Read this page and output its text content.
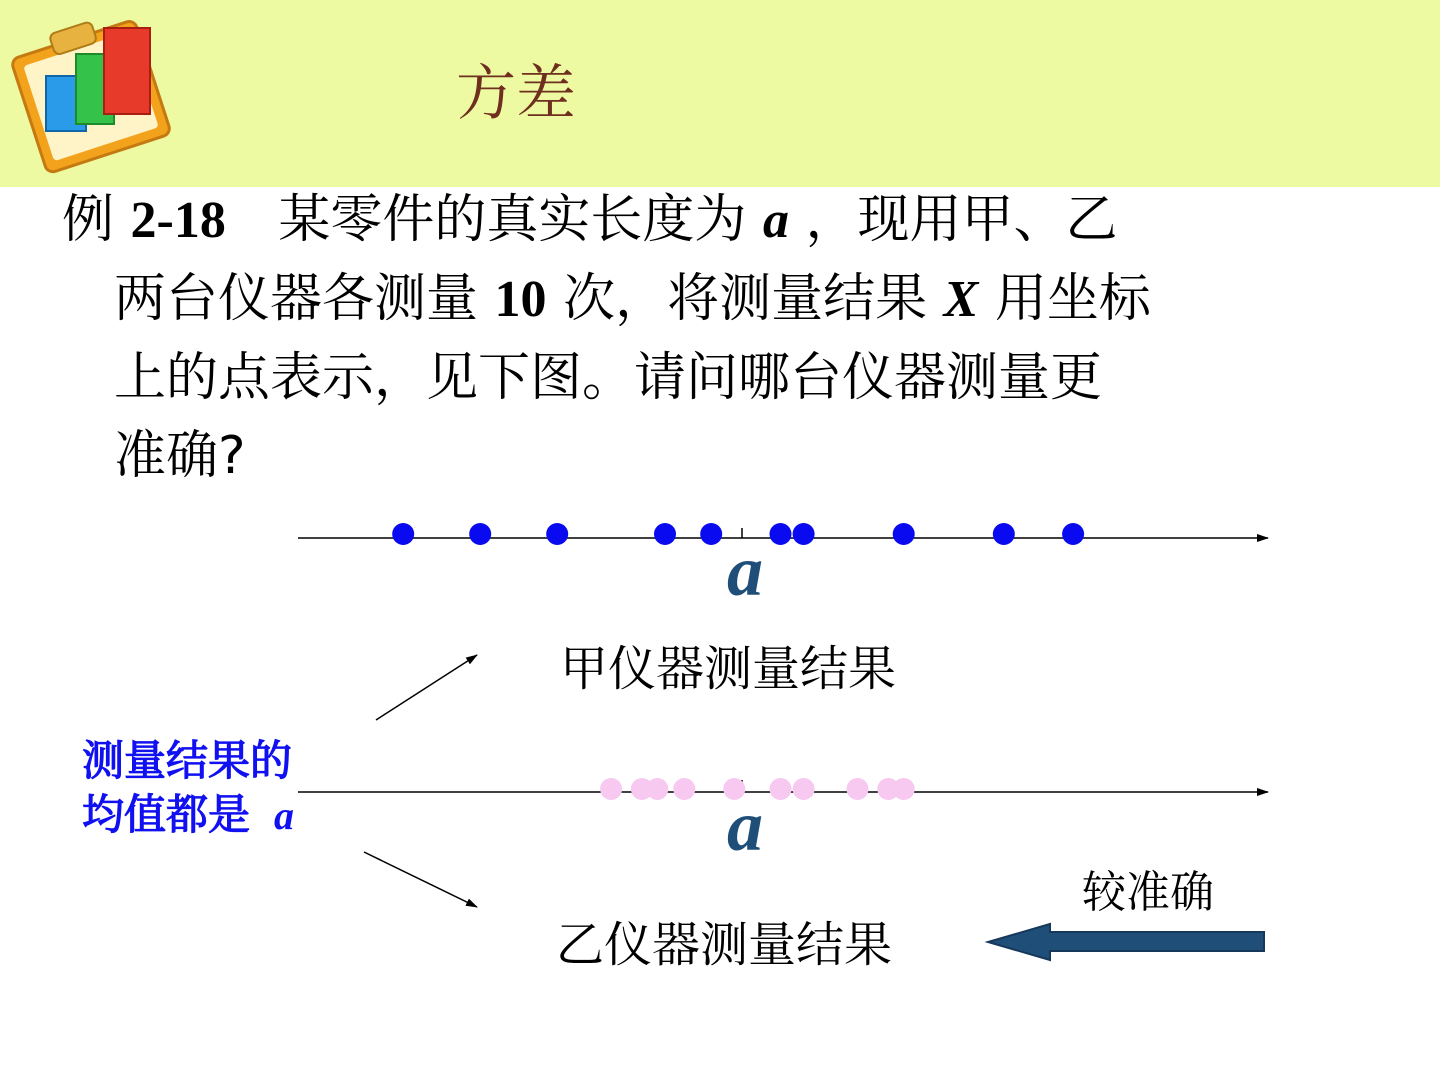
方差
例 2-18 某零件的真实长度为 a ，现用甲、乙
两台仪器各测量 10 次，将测量结果 X 用坐标
上的点表示，见下图。请问哪台仪器测量更
准确?
a
甲仪器测量结果
a
乙仪器测量结果
测量结果的
均值都是 a
较准确
